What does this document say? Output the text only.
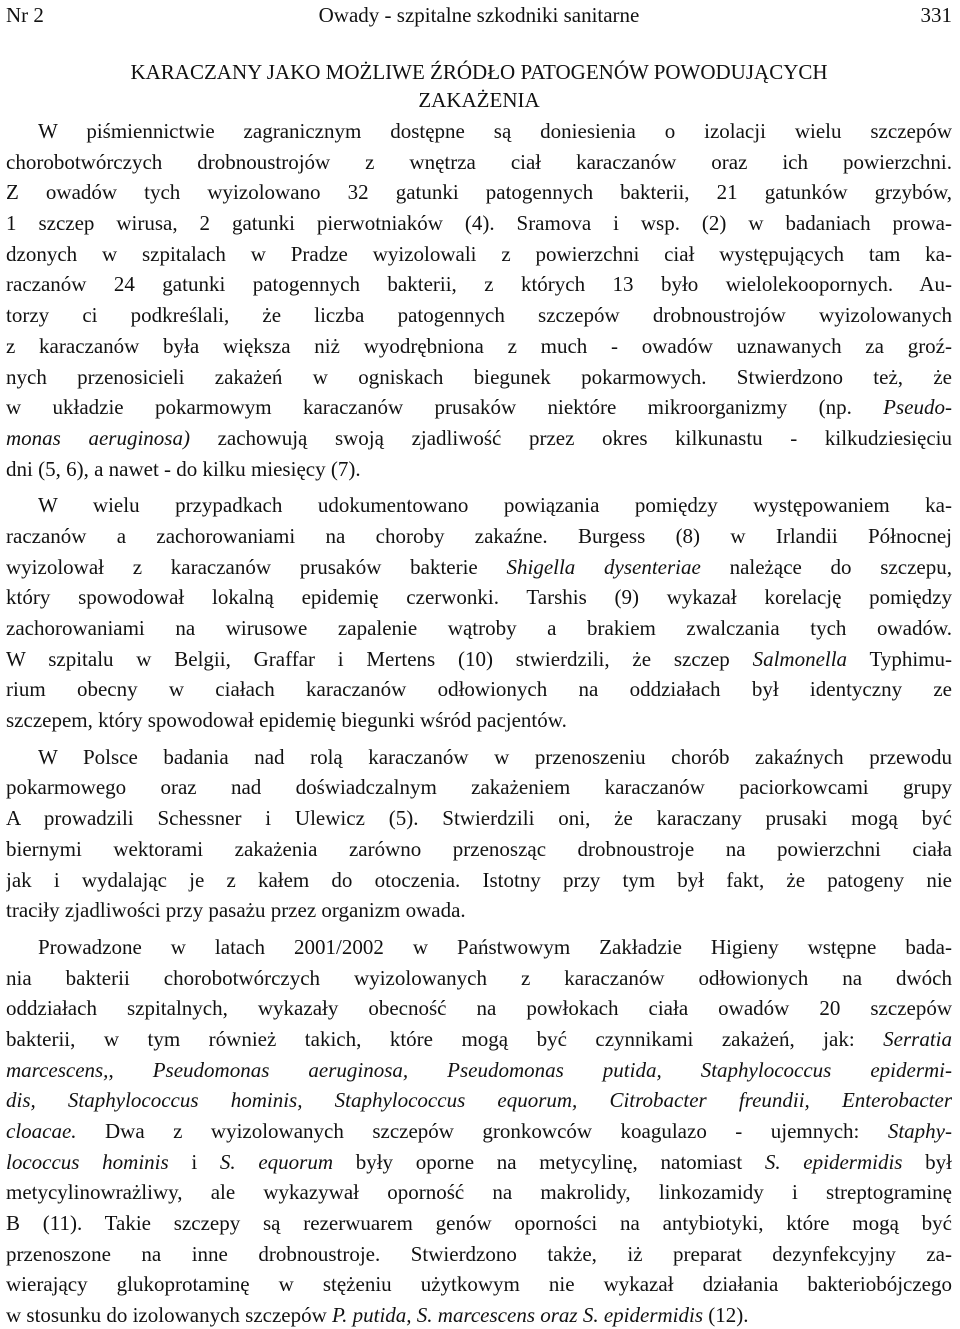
Nr 2	Owady - szpitalne szkodniki sanitarne	331
KARACZANY JAKO MOŻLIWE ŹRÓDŁO PATOGENÓW POWODUJĄCYCH
ZAKAŻENIA
W piśmiennictwie zagranicznym dostępne są doniesienia o izolacji wielu szczepów
chorobotwórczych drobnoustrojów z wnętrza ciał karaczanów oraz ich powierzchni.
Z owadów tych wyizolowano 32 gatunki patogennych bakterii, 21 gatunków grzybów,
1 szczep wirusa, 2 gatunki pierwotniaków (4). Sramova i wsp. (2) w badaniach prowa-
dzonych w szpitalach w Pradze wyizolowali z powierzchni ciał występujących tam ka-
raczanów 24 gatunki patogennych bakterii, z których 13 było wielolekoopornych. Au-
torzy ci podkreślali, że liczba patogennych szczepów drobnoustrojów wyizolowanych
z karaczanów była większa niż wyodrębniona z much - owadów uznawanych za groź-
nych przenosicieli zakażeń w ogniskach biegunek pokarmowych. Stwierdzono też, że
w układzie pokarmowym karaczanów prusaków niektóre mikroorganizmy (np. Pseudo-
monas aeruginosa) zachowują swoją zjadliwość przez okres kilkunastu - kilkudziesięciu
dni (5, 6), a nawet - do kilku miesięcy (7).
W wielu przypadkach udokumentowano powiązania pomiędzy występowaniem ka-
raczanów a zachorowaniami na choroby zakaźne. Burgess (8) w Irlandii Północnej
wyizolował z karaczanów prusaków bakterie Shigella dysenteriae należące do szczepu,
który spowodował lokalną epidemię czerwonki. Tarshis (9) wykazał korelację pomiędzy
zachorowaniami na wirusowe zapalenie wątroby a brakiem zwalczania tych owadów.
W szpitalu w Belgii, Graffar i Mertens (10) stwierdzili, że szczep Salmonella Typhimu-
rium obecny w ciałach karaczanów odłowionych na oddziałach był identyczny ze
szczepem, który spowodował epidemię biegunki wśród pacjentów.
W Polsce badania nad rolą karaczanów w przenoszeniu chorób zakaźnych przewodu
pokarmowego oraz nad doświadczalnym zakażeniem karaczanów paciorkowcami grupy
A prowadzili Schessner i Ulewicz (5). Stwierdzili oni, że karaczany prusaki mogą być
biernymi wektorami zakażenia zarówno przenosząc drobnoustroje na powierzchni ciała
jak i wydalając je z kałem do otoczenia. Istotny przy tym był fakt, że patogeny nie
traciły zjadliwości przy pasażu przez organizm owada.
Prowadzone w latach 2001/2002 w Państwowym Zakładzie Higieny wstępne bada-
nia bakterii chorobotwórczych wyizolowanych z karaczanów odłowionych na dwóch
oddziałach szpitalnych, wykazały obecność na powłokach ciała owadów 20 szczepów
bakterii, w tym również takich, które mogą być czynnikami zakażeń, jak: Serratia
marcescens,, Pseudomonas aeruginosa, Pseudomonas putida, Staphylococcus epidermi-
dis, Staphylococcus hominis, Staphylococcus equorum, Citrobacter freundii, Enterobacter
cloacae. Dwa z wyizolowanych szczepów gronkowców koagulazo - ujemnych: Staphy-
lococcus hominis i S. equorum były oporne na metycylinę, natomiast S. epidermidis był
metycylinowrażliwy, ale wykazywał oporność na makrolidy, linkozamidy i streptograminę
B (11). Takie szczepy są rezerwuarem genów oporności na antybiotyki, które mogą być
przenoszone na inne drobnoustroje. Stwierdzono także, iż preparat dezynfekcyjny za-
wierający glukoprotaminę w stężeniu użytkowym nie wykazał działania bakteriobójczego
w stosunku do izolowanych szczepów P. putida, S. marcescens oraz S. epidermidis (12).
